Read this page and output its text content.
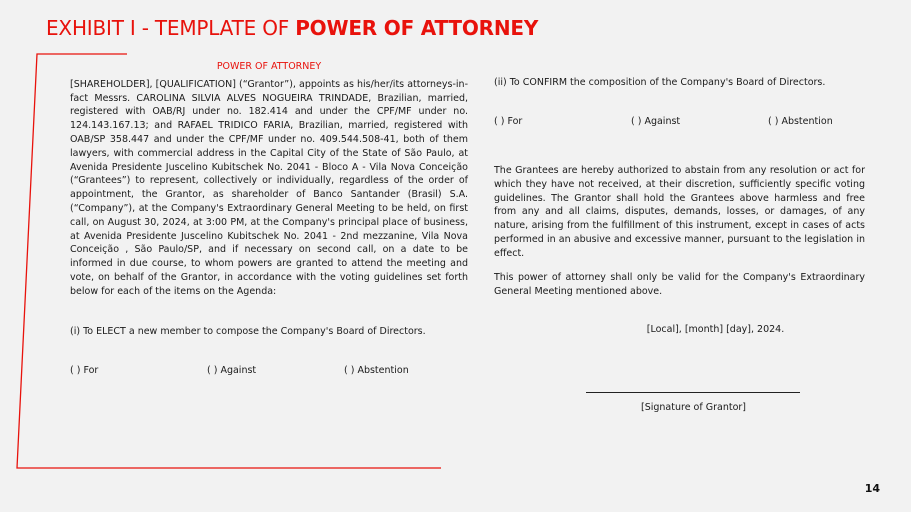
EXHIBIT I - TEMPLATE OF POWER OF ATTORNEY

POWER OF ATTORNEY

[SHAREHOLDER], [QUALIFICATION] (“Grantor”), appoints as his/her/its attorneys-in-fact Messrs. CAROLINA SILVIA ALVES NOGUEIRA TRINDADE, Brazilian, married, registered with OAB/RJ under no. 182.414 and under the CPF/MF under no. 124.143.167.13; and RAFAEL TRIDICO FARIA, Brazilian, married, registered with OAB/SP 358.447 and under the CPF/MF under no. 409.544.508-41, both of them lawyers, with commercial address in the Capital City of the State of São Paulo, at Avenida Presidente Juscelino Kubitschek No. 2041 - Bloco A - Vila Nova Conceição (“Grantees”) to represent, collectively or individually, regardless of the order of appointment, the Grantor, as shareholder of Banco Santander (Brasil) S.A. (“Company”), at the Company's Extraordinary General Meeting to be held, on first call, on August 30, 2024, at 3:00 PM, at the Company's principal place of business, at Avenida Presidente Juscelino Kubitschek No. 2041 - 2nd mezzanine, Vila Nova Conceição , São Paulo/SP, and if necessary on second call, on a date to be informed in due course, to whom powers are granted to attend the meeting and vote, on behalf of the Grantor, in accordance with the voting guidelines set forth below for each of the items on the Agenda:

(i) To ELECT a new member to compose the Company's Board of Directors.

( ) For	( ) Against	( ) Abstention

(ii) To CONFIRM the composition of the Company's Board of Directors.

( ) For	( ) Against	( ) Abstention

The Grantees are hereby authorized to abstain from any resolution or act for which they have not received, at their discretion, sufficiently specific voting guidelines. The Grantor shall hold the Grantees above harmless and free from any and all claims, disputes, demands, losses, or damages, of any nature, arising from the fulfillment of this instrument, except in cases of acts performed in an abusive and excessive manner, pursuant to the legislation in effect.

This power of attorney shall only be valid for the Company's Extraordinary General Meeting mentioned above.

[Local], [month] [day], 2024.

[Signature of Grantor]

14
